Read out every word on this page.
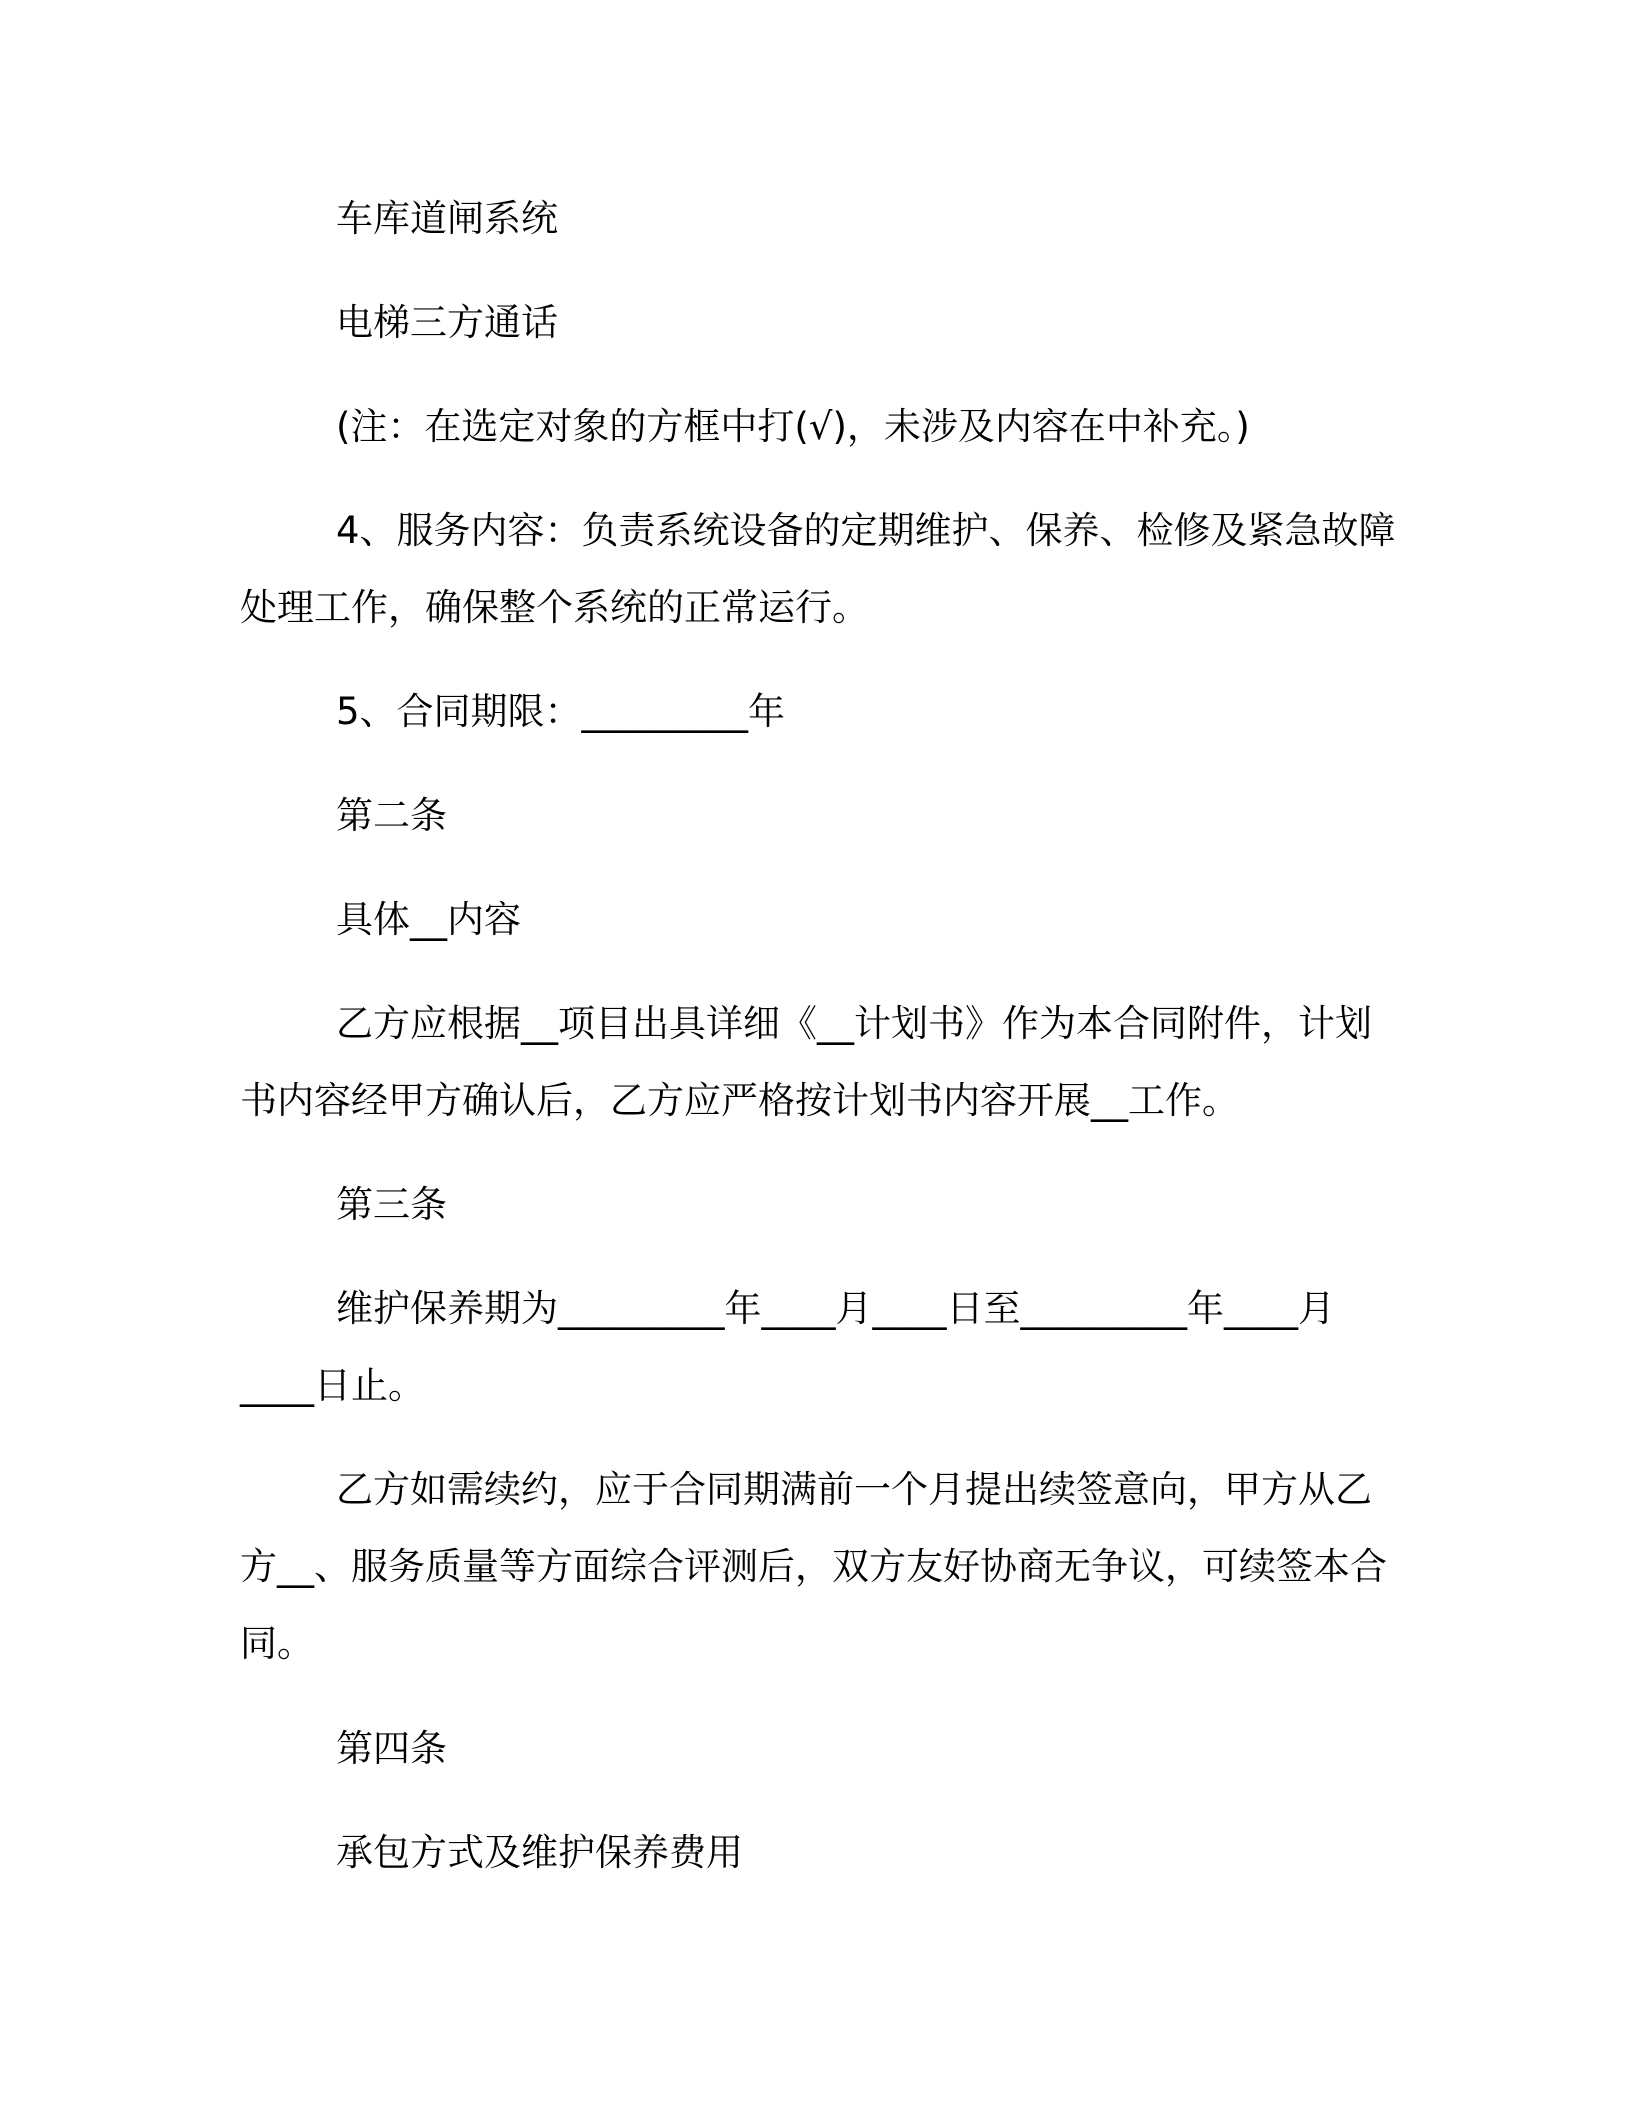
车库道闸系统

电梯三方通话

(注：在选定对象的方框中打(√)，未涉及内容在中补充。)

4、服务内容：负责系统设备的定期维护、保养、检修及紧急故障处理工作，确保整个系统的正常运行。

5、合同期限：_________年

第二条

具体__内容

乙方应根据__项目出具详细《__计划书》作为本合同附件，计划书内容经甲方确认后，乙方应严格按计划书内容开展__工作。

第三条

维护保养期为_________年____月____日至_________年____月____日止。

乙方如需续约，应于合同期满前一个月提出续签意向，甲方从乙方__、服务质量等方面综合评测后，双方友好协商无争议，可续签本合同。

第四条

承包方式及维护保养费用
